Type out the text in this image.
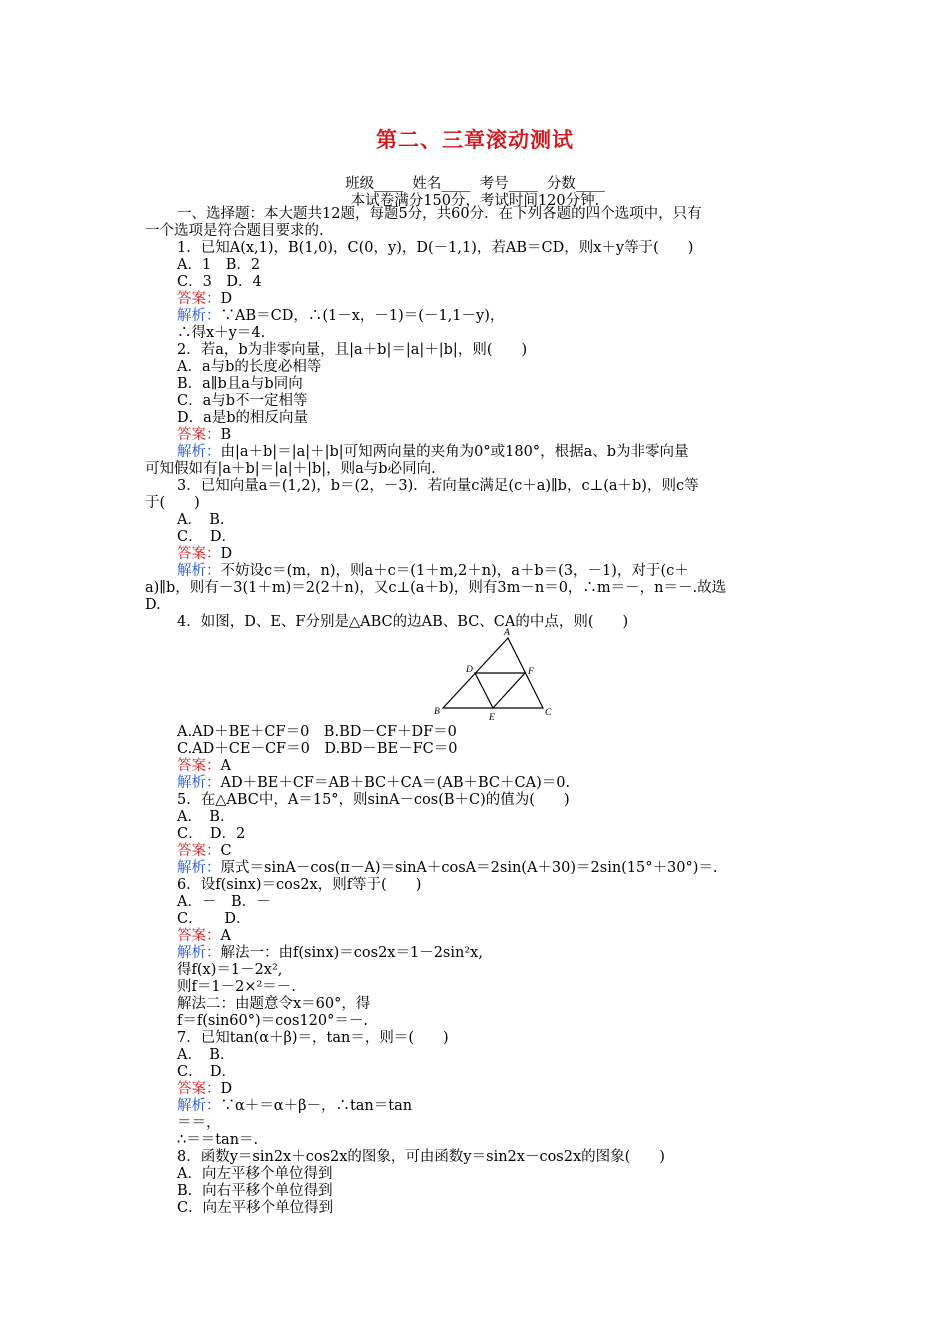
第二、三章滚动测试
班级____  姓名____  考号____  分数____
本试卷满分150分，考试时间120分钟.
一、选择题：本大题共12题，每题5分，共60分．在下列各题的四个选项中，只有
一个选项是符合题目要求的.
1．已知A(x,1)，B(1,0)，C(0，y)，D(－1,1)，若AB＝CD，则x＋y等于(　　)
A．1　B．2
C．3　D．4
答案：D
解析：∵AB＝CD，∴(1－x，－1)＝(－1,1－y)，
∴得x＋y＝4.
2．若a，b为非零向量，且|a＋b|＝|a|＋|b|，则(　　)
A．a与b的长度必相等
B．a∥b且a与b同向
C．a与b不一定相等
D．a是b的相反向量
答案：B
解析：由|a＋b|＝|a|＋|b|可知两向量的夹角为0°或180°，根据a、b为非零向量
可知假如有|a＋b|＝|a|＋|b|，则a与b必同向.
3．已知向量a＝(1,2)，b＝(2，－3)．若向量c满足(c＋a)∥b，c⊥(a＋b)，则c等
于(　　)
A．　B．
C．　D．
答案：D
解析：不妨设c＝(m，n)，则a＋c＝(1＋m,2＋n)，a＋b＝(3，－1)，对于(c＋
a)∥b，则有－3(1＋m)＝2(2＋n)，又c⊥(a＋b)，则有3m－n＝0，∴m＝－，n＝－.故选
D.
4．如图，D、E、F分别是△ABC的边AB、BC、CA的中点，则(　　)
A
B	C
D
E
F
A.AD＋BE＋CF＝0　B.BD－CF＋DF＝0
C.AD＋CE－CF＝0　D.BD－BE－FC＝0
答案：A
解析：AD＋BE＋CF＝AB＋BC＋CA＝(AB＋BC＋CA)＝0.
5．在△ABC中，A＝15°，则sinA－cos(B＋C)的值为(　　)
A．　B．
C．　D．2
答案：C
解析：原式＝sinA－cos(π－A)＝sinA＋cosA＝2sin(A＋30)＝2sin(15°＋30°)＝.
6．设f(sinx)＝cos2x，则f等于(　　)
A．－　B．－
C．　　D．
答案：A
解析：解法一：由f(sinx)＝cos2x＝1－2sin²x,
得f(x)＝1－2x²,
则f＝1－2×²＝－.
解法二：由题意令x＝60°，得
f＝f(sin60°)＝cos120°＝－.
7．已知tan(α＋β)＝，tan＝，则＝(　　)
A．　B．
C．　D．
答案：D
解析：∵α＋＝α＋β－，∴tan＝tan
＝＝，
∴＝＝tan＝.
8．函数y＝sin2x＋cos2x的图象，可由函数y＝sin2x－cos2x的图象(　　)
A．向左平移个单位得到
B．向右平移个单位得到
C．向左平移个单位得到
